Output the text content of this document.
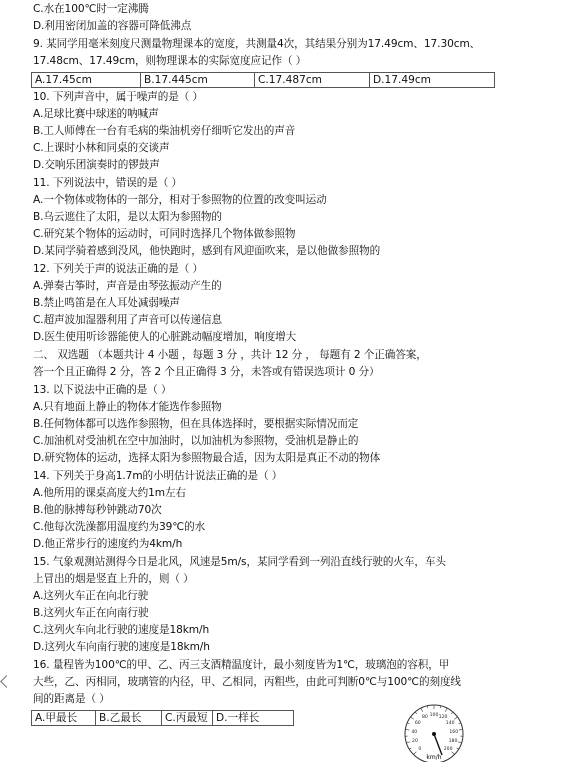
C.水在100℃时一定沸腾
D.利用密闭加盖的容器可降低沸点
9. 某同学用毫米刻度尺测量物理课本的宽度，共测量4次，其结果分别为17.49cm、17.30cm、
17.48cm、17.49cm，则物理课本的实际宽度应记作（ ）
A.17.45cm	B.17.445cm	C.17.487cm	D.17.49cm
10. 下列声音中，属于噪声的是（ ）
A.足球比赛中球迷的呐喊声
B.工人师傅在一台有毛病的柴油机旁仔细听它发出的声音
C.上课时小林和同桌的交谈声
D.交响乐团演奏时的锣鼓声
11. 下列说法中，错误的是（ ）
A.一个物体或物体的一部分，相对于参照物的位置的改变叫运动
B.乌云遮住了太阳，是以太阳为参照物的
C.研究某个物体的运动时，可同时选择几个物体做参照物
D.某同学骑着感到没风，他快跑时，感到有风迎面吹来，是以他做参照物的
12. 下列关于声的说法正确的是（ ）
A.弹奏古筝时，声音是由琴弦振动产生的
B.禁止鸣笛是在人耳处减弱噪声
C.超声波加湿器利用了声音可以传递信息
D.医生使用听诊器能使人的心脏跳动幅度增加，响度增大
二、 双选题 （本题共计 4 小题 ，每题 3 分 ，共计 12 分 ， 每题有 2 个正确答案，
答一个且正确得 2 分，答 2 个且正确得 3 分，未答或有错误选项计 0 分）
13. 以下说法中正确的是（ ）
A.只有地面上静止的物体才能选作参照物
B.任何物体都可以选作参照物，但在具体选择时，要根据实际情况而定
C.加油机对受油机在空中加油时，以加油机为参照物，受油机是静止的
D.研究物体的运动，选择太阳为参照物最合适，因为太阳是真正不动的物体
14. 下列关于身高1.7m的小明估计说法正确的是（ ）
A.他所用的课桌高度大约1m左右
B.他的脉搏每秒钟跳动70次
C.他每次洗澡都用温度约为39℃的水
D.他正常步行的速度约为4km/h
15. 气象观测站测得今日是北风，风速是5m/s，某同学看到一列沿直线行驶的火车，车头
上冒出的烟是竖直上升的，则（ ）
A.这列火车正在向北行驶
B.这列火车正在向南行驶
C.这列火车向北行驶的速度是18km/h
D.这列火车向南行驶的速度是18km/h
16. 量程皆为100℃的甲、乙、丙三支酒精温度计，最小刻度皆为1℃，玻璃泡的容积，甲
大些，乙、丙相同，玻璃管的内径，甲、乙相同，丙粗些，由此可判断0℃与100℃的刻度线
间的距离是（ ）
A.甲最长	B.乙最长	C.丙最短	D.一样长
0
20
40
60
80 100 120
140
160
180
200
km/h
